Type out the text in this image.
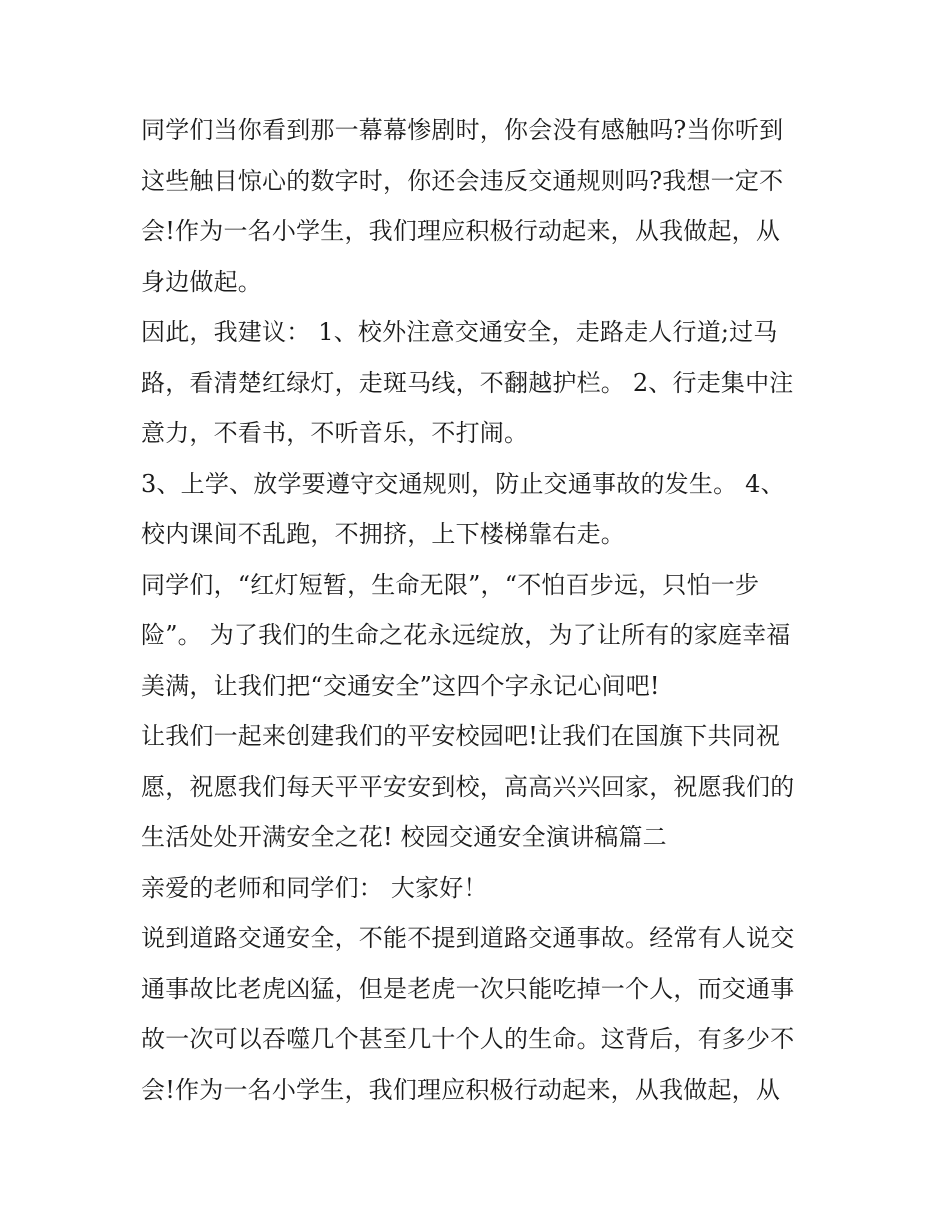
同学们当你看到那一幕幕惨剧时，你会没有感触吗?当你听到
这些触目惊心的数字时，你还会违反交通规则吗?我想一定不
会!作为一名小学生，我们理应积极行动起来，从我做起，从
身边做起。
因此，我建议： 1、校外注意交通安全，走路走人行道;过马
路，看清楚红绿灯，走斑马线，不翻越护栏。 2、行走集中注
意力，不看书，不听音乐，不打闹。
3、上学、放学要遵守交通规则，防止交通事故的发生。 4、
校内课间不乱跑，不拥挤，上下楼梯靠右走。
同学们，“红灯短暂，生命无限”，“不怕百步远，只怕一步
险”。 为了我们的生命之花永远绽放，为了让所有的家庭幸福
美满，让我们把“交通安全”这四个字永记心间吧!
让我们一起来创建我们的平安校园吧!让我们在国旗下共同祝
愿，祝愿我们每天平平安安到校，高高兴兴回家，祝愿我们的
生活处处开满安全之花! 校园交通安全演讲稿篇二
亲爱的老师和同学们： 大家好！
说到道路交通安全，不能不提到道路交通事故。经常有人说交
通事故比老虎凶猛，但是老虎一次只能吃掉一个人，而交通事
故一次可以吞噬几个甚至几十个人的生命。这背后，有多少不
会!作为一名小学生，我们理应积极行动起来，从我做起，从
